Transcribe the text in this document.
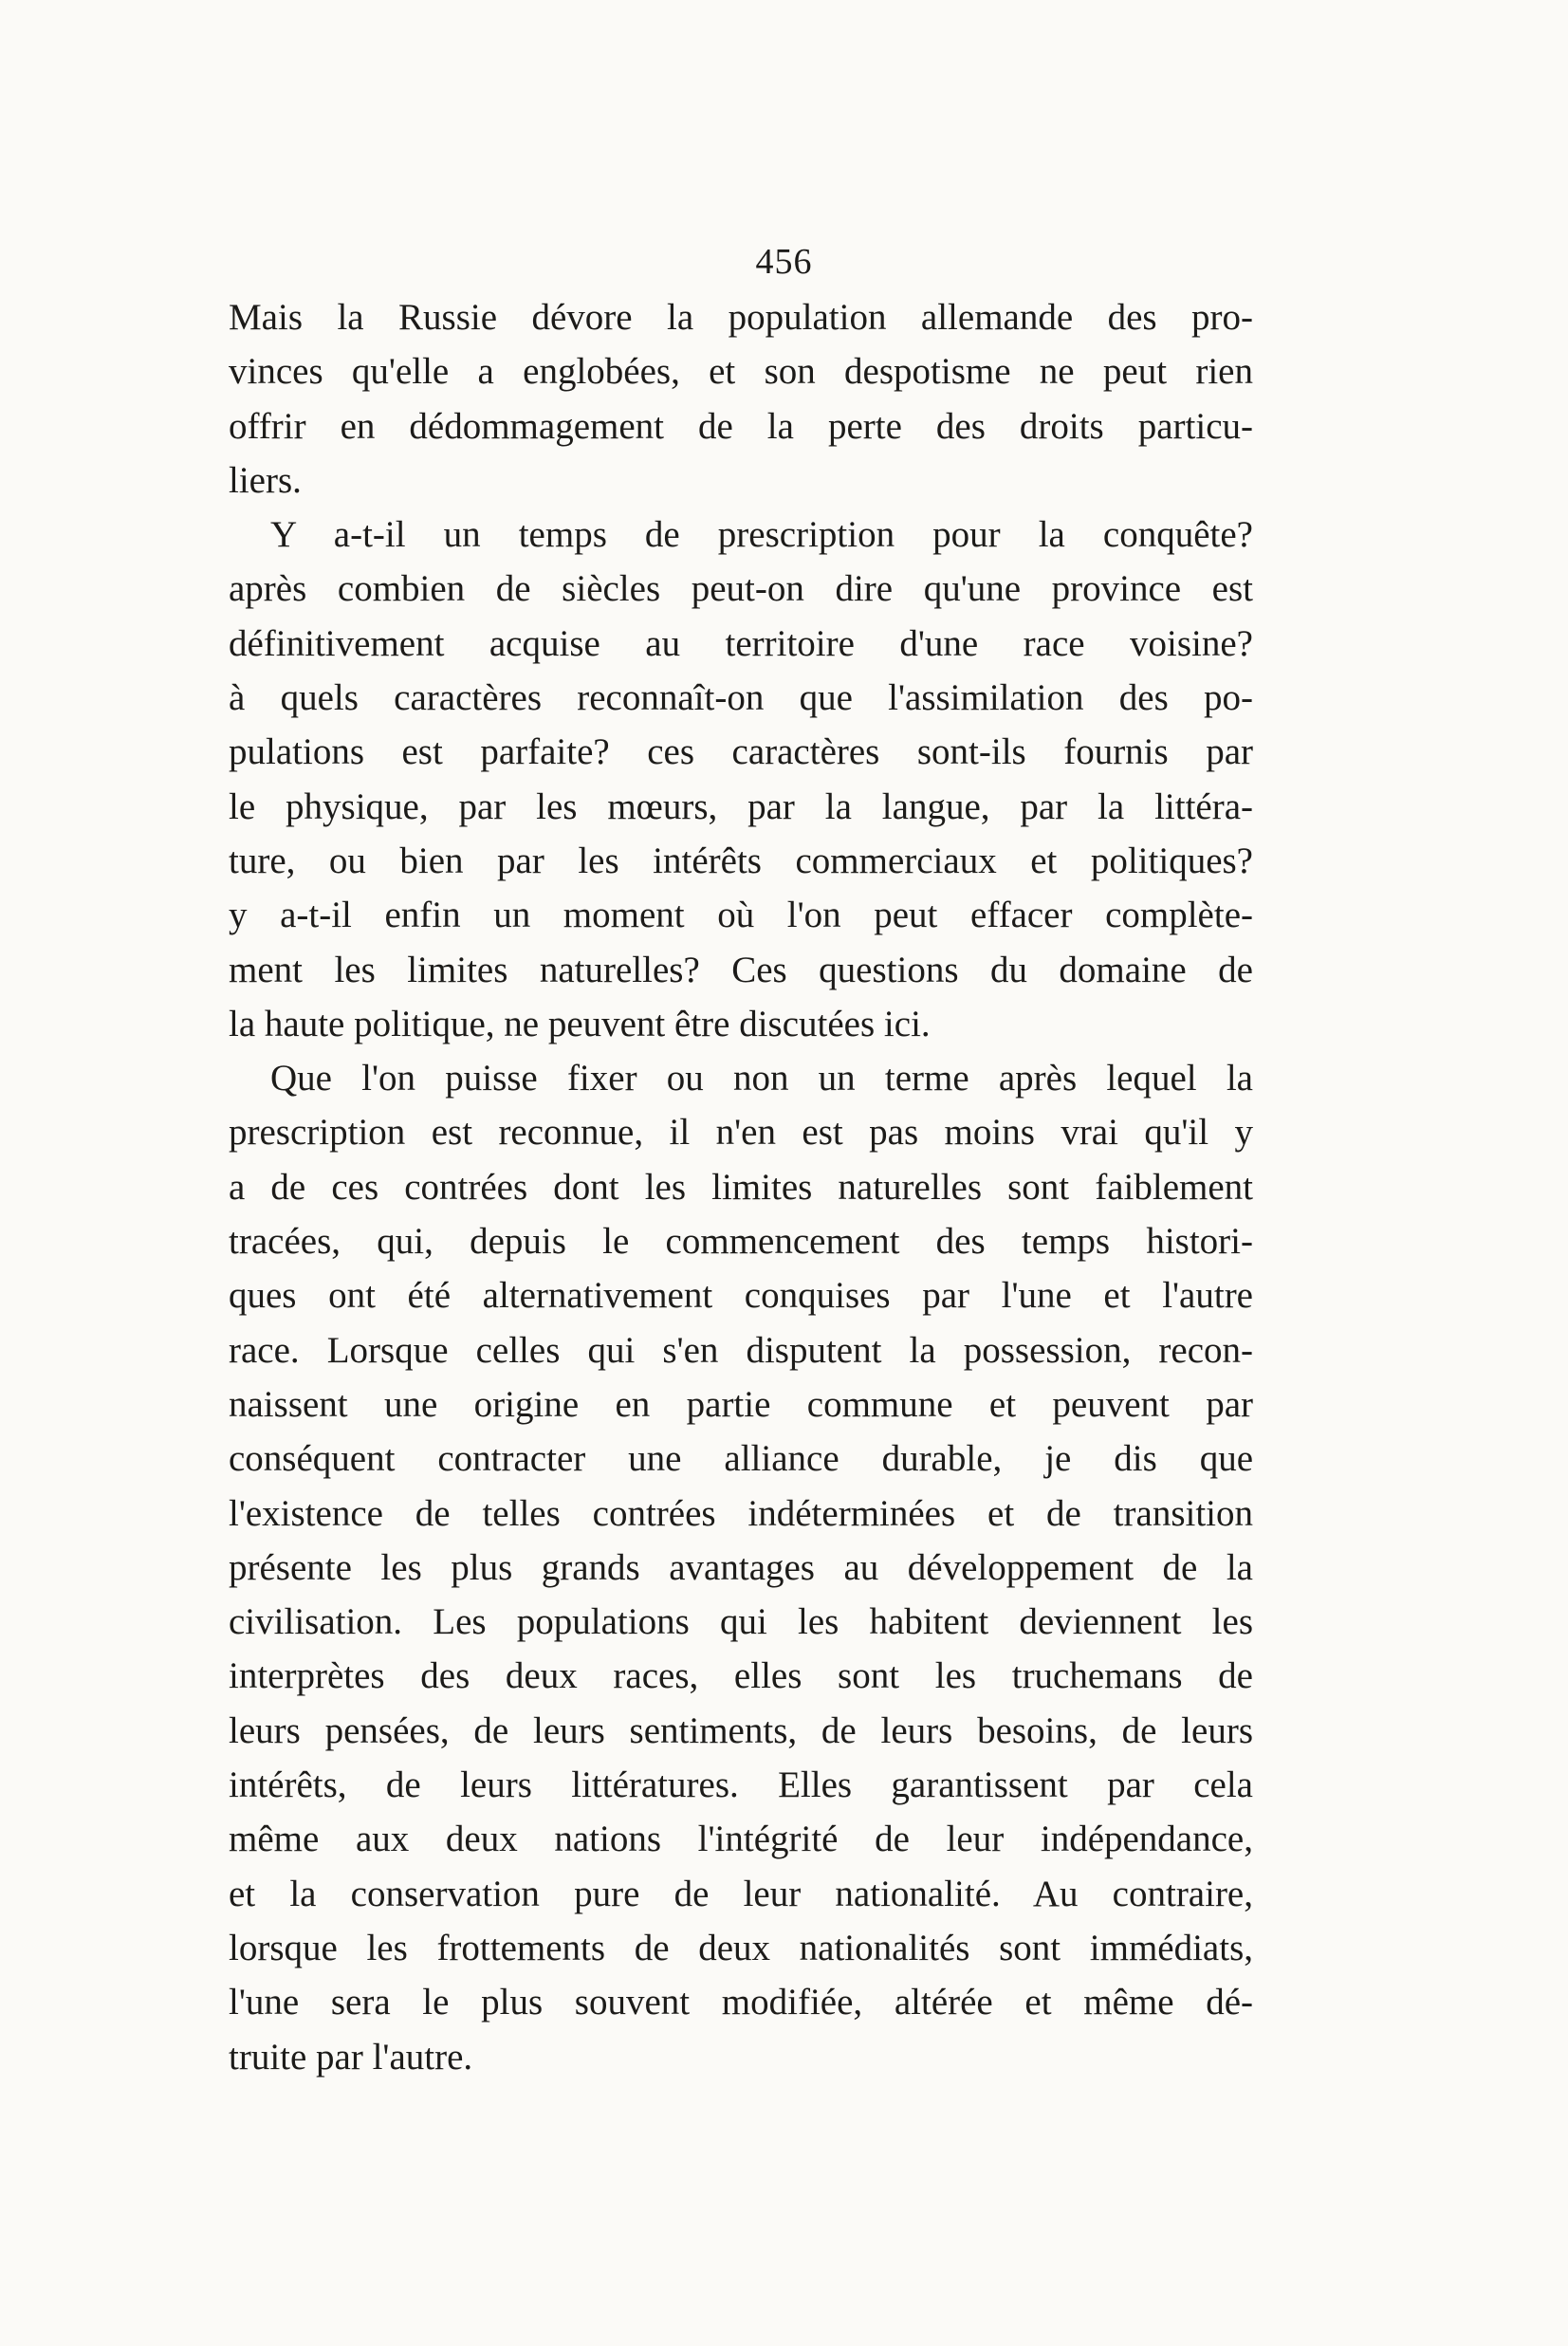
456
Mais la Russie dévore la population allemande des pro-
vinces qu'elle a englobées, et son despotisme ne peut rien
offrir en dédommagement de la perte des droits particu-
liers.
Y a-t-il un temps de prescription pour la conquête?
après combien de siècles peut-on dire qu'une province est
définitivement acquise au territoire d'une race voisine?
à quels caractères reconnaît-on que l'assimilation des po-
pulations est parfaite? ces caractères sont-ils fournis par
le physique, par les mœurs, par la langue, par la littéra-
ture, ou bien par les intérêts commerciaux et politiques?
y a-t-il enfin un moment où l'on peut effacer complète-
ment les limites naturelles? Ces questions du domaine de
la haute politique, ne peuvent être discutées ici.
Que l'on puisse fixer ou non un terme après lequel la
prescription est reconnue, il n'en est pas moins vrai qu'il y
a de ces contrées dont les limites naturelles sont faiblement
tracées, qui, depuis le commencement des temps histori-
ques ont été alternativement conquises par l'une et l'autre
race. Lorsque celles qui s'en disputent la possession, recon-
naissent une origine en partie commune et peuvent par
conséquent contracter une alliance durable, je dis que
l'existence de telles contrées indéterminées et de transition
présente les plus grands avantages au développement de la
civilisation. Les populations qui les habitent deviennent les
interprètes des deux races, elles sont les truchemans de
leurs pensées, de leurs sentiments, de leurs besoins, de leurs
intérêts, de leurs littératures. Elles garantissent par cela
même aux deux nations l'intégrité de leur indépendance,
et la conservation pure de leur nationalité. Au contraire,
lorsque les frottements de deux nationalités sont immédiats,
l'une sera le plus souvent modifiée, altérée et même dé-
truite par l'autre.
